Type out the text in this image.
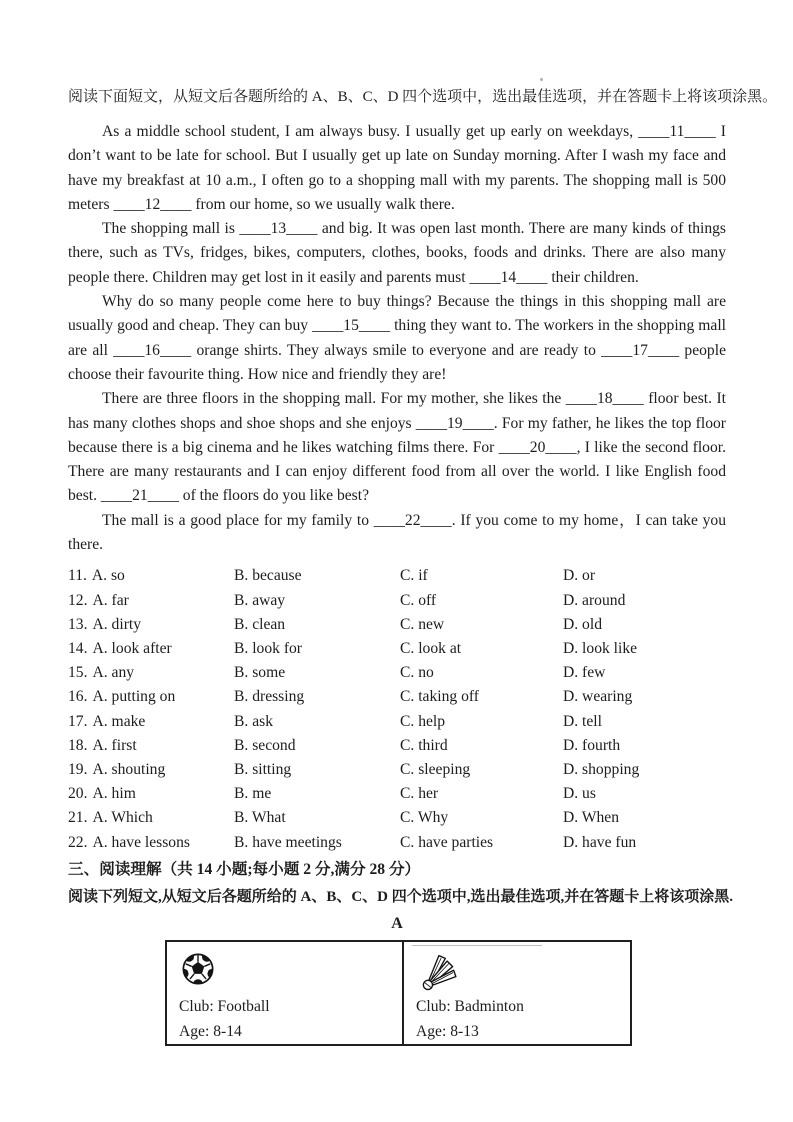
阅读下面短文，从短文后各题所给的 A、B、C、D 四个选项中，选出最佳选项，并在答题卡上将该项涂黑。

As a middle school student, I am always busy. I usually get up early on weekdays, ____11____ I don’t want to be late for school. But I usually get up late on Sunday morning. After I wash my face and have my breakfast at 10 a.m., I often go to a shopping mall with my parents. The shopping mall is 500 meters ____12____ from our home, so we usually walk there.

The shopping mall is ____13____ and big. It was open last month. There are many kinds of things there, such as TVs, fridges, bikes, computers, clothes, books, foods and drinks. There are also many people there. Children may get lost in it easily and parents must ____14____ their children.

Why do so many people come here to buy things? Because the things in this shopping mall are usually good and cheap. They can buy ____15____ thing they want to. The workers in the shopping mall are all ____16____ orange shirts. They always smile to everyone and are ready to ____17____ people choose their favourite thing. How nice and friendly they are!

There are three floors in the shopping mall. For my mother, she likes the ____18____ floor best. It has many clothes shops and shoe shops and she enjoys ____19____. For my father, he likes the top floor because there is a big cinema and he likes watching films there. For ____20____, I like the second floor. There are many restaurants and I can enjoy different food from all over the world. I like English food best. ____21____ of the floors do you like best?

The mall is a good place for my family to ____22____. If you come to my home，I can take you there.

11. A. so	B. because	C. if	D. or
12. A. far	B. away	C. off	D. around
13. A. dirty	B. clean	C. new	D. old
14. A. look after	B. look for	C. look at	D. look like
15. A. any	B. some	C. no	D. few
16. A. putting on	B. dressing	C. taking off	D. wearing
17. A. make	B. ask	C. help	D. tell
18. A. first	B. second	C. third	D. fourth
19. A. shouting	B. sitting	C. sleeping	D. shopping
20. A. him	B. me	C. her	D. us
21. A. Which	B. What	C. Why	D. When
22. A. have lessons	B. have meetings	C. have parties	D. have fun

三、阅读理解（共 14 小题;每小题 2 分,满分 28 分）

阅读下列短文,从短文后各题所给的 A、B、C、D 四个选项中,选出最佳选项,并在答题卡上将该项涂黑.

A

Club: Football

Age: 8-14

Club: Badminton

Age: 8-13
